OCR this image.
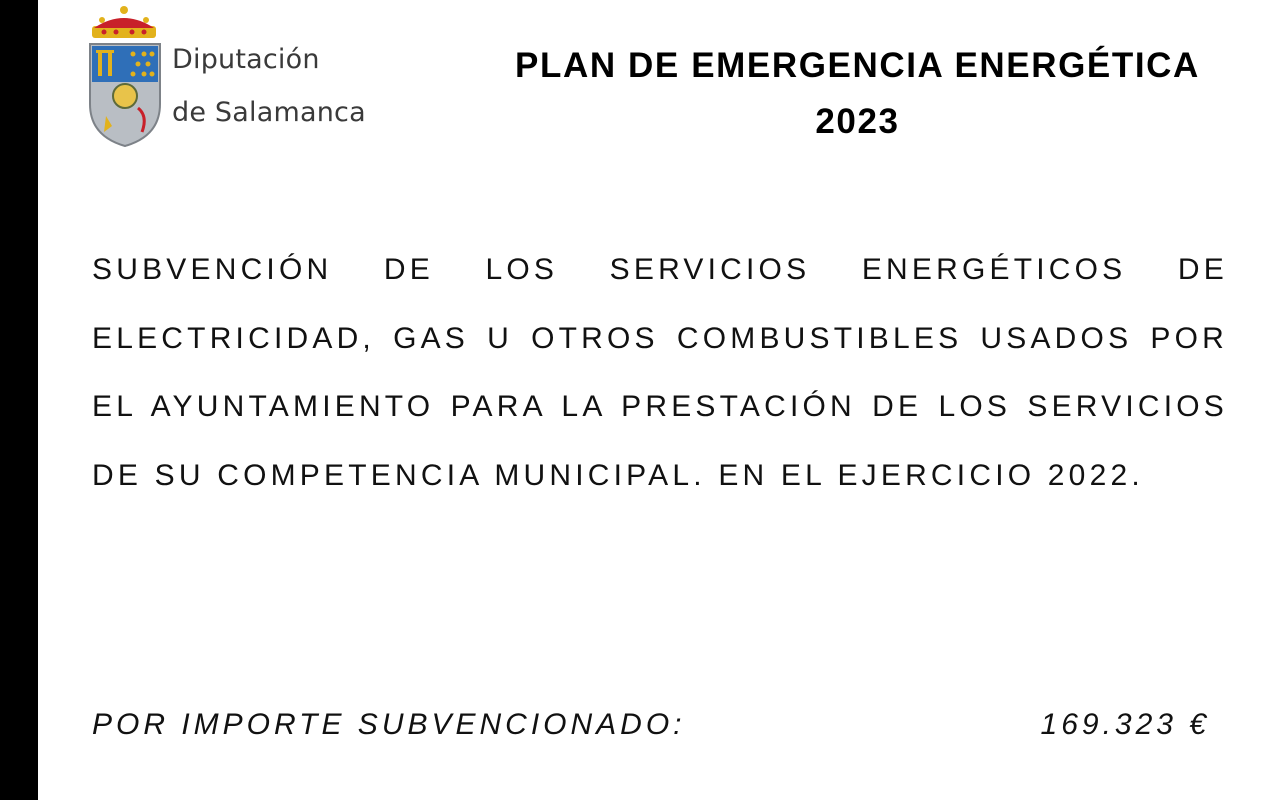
Diputación
de Salamanca
PLAN DE EMERGENCIA ENERGÉTICA
2023
SUBVENCIÓN DE LOS SERVICIOS ENERGÉTICOS DE ELECTRICIDAD, GAS U OTROS COMBUSTIBLES USADOS POR EL AYUNTAMIENTO PARA LA PRESTACIÓN DE LOS SERVICIOS DE SU COMPETENCIA MUNICIPAL. EN EL EJERCICIO 2022.
POR IMPORTE SUBVENCIONADO:	169.323 €
